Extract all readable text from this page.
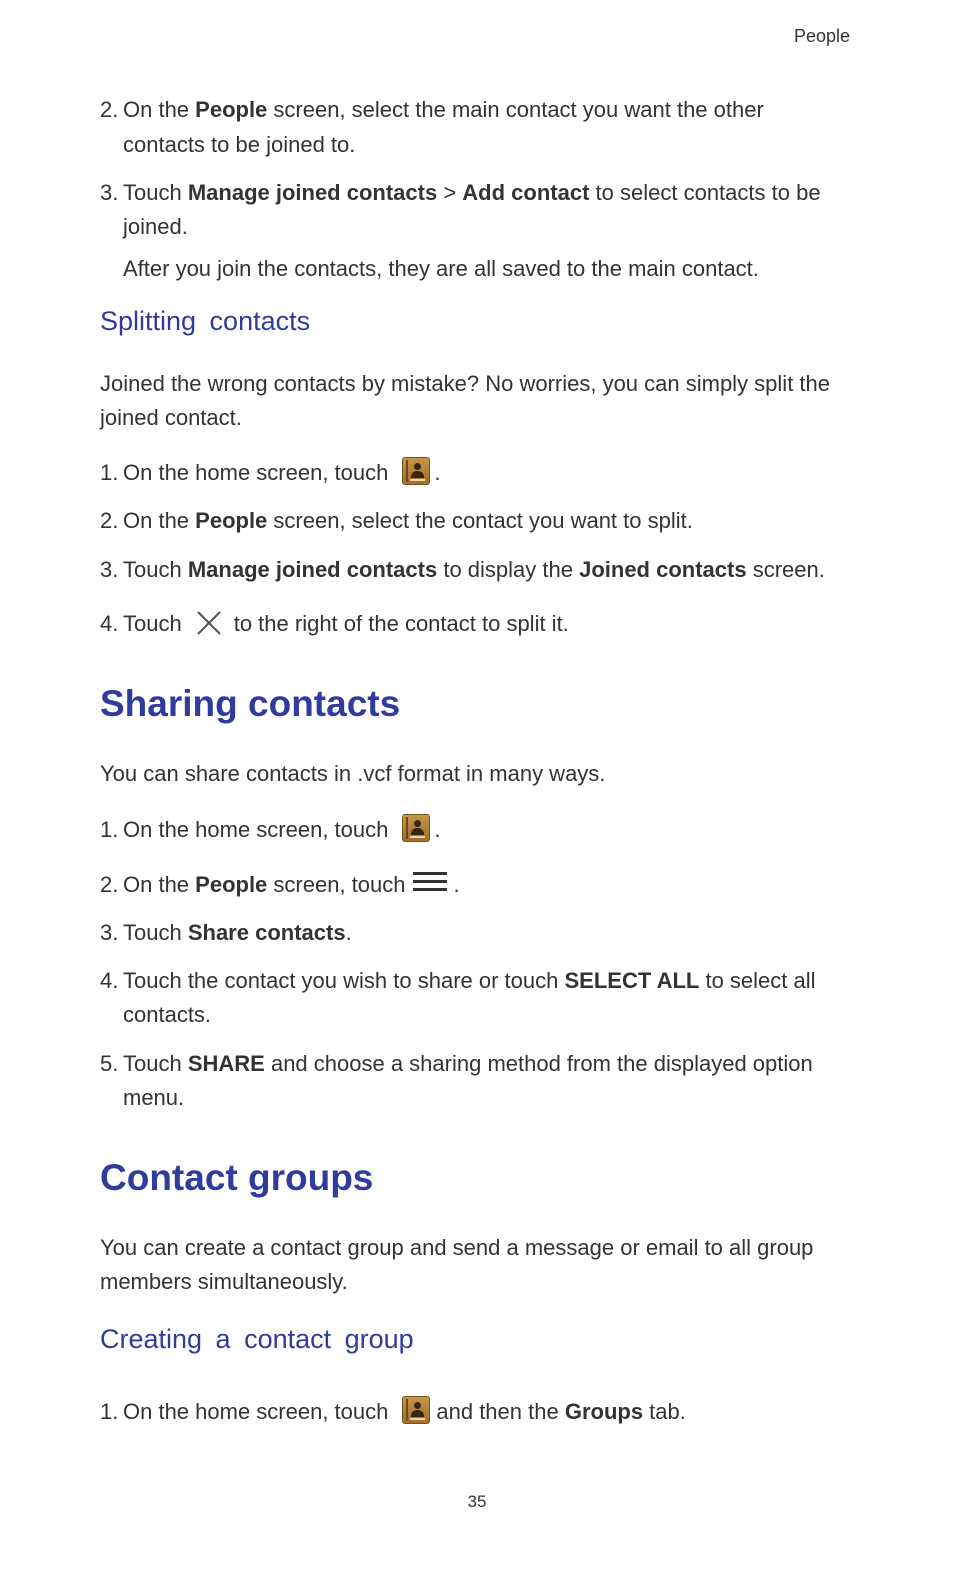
People
2. On the People screen, select the main contact you want the other
contacts to be joined to.
3. Touch Manage joined contacts > Add contact to select contacts to be
joined.
After you join the contacts, they are all saved to the main contact.
Splitting contacts
Joined the wrong contacts by mistake? No worries, you can simply split the
joined contact.
1. On the home screen, touch .
2. On the People screen, select the contact you want to split.
3. Touch Manage joined contacts to display the Joined contacts screen.
4. Touch to the right of the contact to split it.
Sharing contacts
You can share contacts in .vcf format in many ways.
1. On the home screen, touch .
2. On the People screen, touch .
3. Touch Share contacts.
4. Touch the contact you wish to share or touch SELECT ALL to select all
contacts.
5. Touch SHARE and choose a sharing method from the displayed option
menu.
Contact groups
You can create a contact group and send a message or email to all group
members simultaneously.
Creating a contact group
1. On the home screen, touch and then the Groups tab.
35
